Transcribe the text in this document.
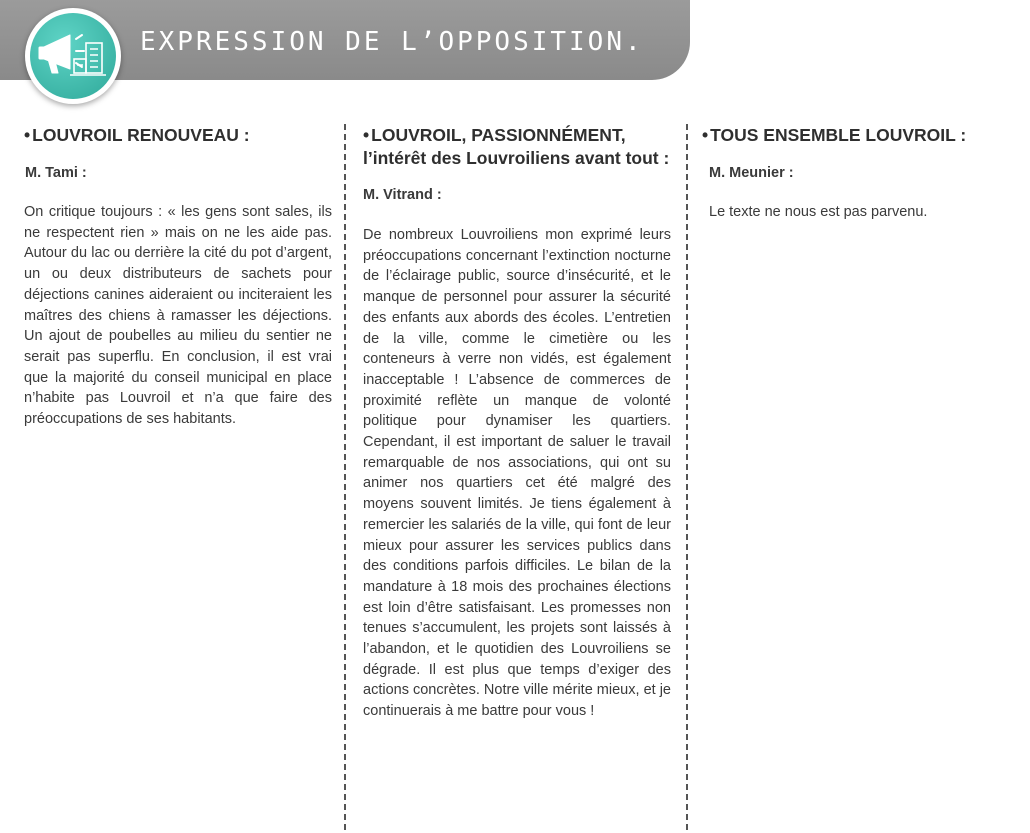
EXPRESSION DE L’OPPOSITION.
• LOUVROIL RENOUVEAU :
M. Tami :

On critique toujours : « les gens sont sales, ils ne respectent rien » mais on ne les aide pas. Autour du lac ou derrière la cité du pot d’argent, un ou deux distributeurs de sachets pour déjections canines aideraient ou inciteraient les maîtres des chiens à ramasser les déjections. Un ajout de poubelles au milieu du sentier ne serait pas superflu. En conclusion, il est vrai que la majorité du conseil municipal en place n’habite pas Louvroil et n’a que faire des préoccupations de ses habitants.

• LOUVROIL, PASSIONNÉMENT,
l’intérêt des Louvroiliens avant tout :
M. Vitrand :

De nombreux Louvroiliens mon exprimé leurs préoccupations concernant l’extinction nocturne de l’éclairage public, source d’insécurité, et le manque de personnel pour assurer la sécurité des enfants aux abords des écoles. L’entretien de la ville, comme le cimetière ou les conteneurs à verre non vidés, est également inacceptable ! L’absence de commerces de proximité reflète un manque de volonté politique pour dynamiser les quartiers. Cependant, il est important de saluer le travail remarquable de nos associations, qui ont su animer nos quartiers cet été malgré des moyens souvent limités. Je tiens également à remercier les salariés de la ville, qui font de leur mieux pour assurer les services publics dans des conditions parfois difficiles. Le bilan de la mandature à 18 mois des prochaines élections est loin d’être satisfaisant. Les promesses non tenues s’accumulent, les projets sont laissés à l’abandon, et le quotidien des Louvroiliens se dégrade. Il est plus que temps d’exiger des actions concrètes. Notre ville mérite mieux, et je continuerais à me battre pour vous !

• TOUS ENSEMBLE LOUVROIL :
M. Meunier :

Le texte ne nous est pas parvenu.
